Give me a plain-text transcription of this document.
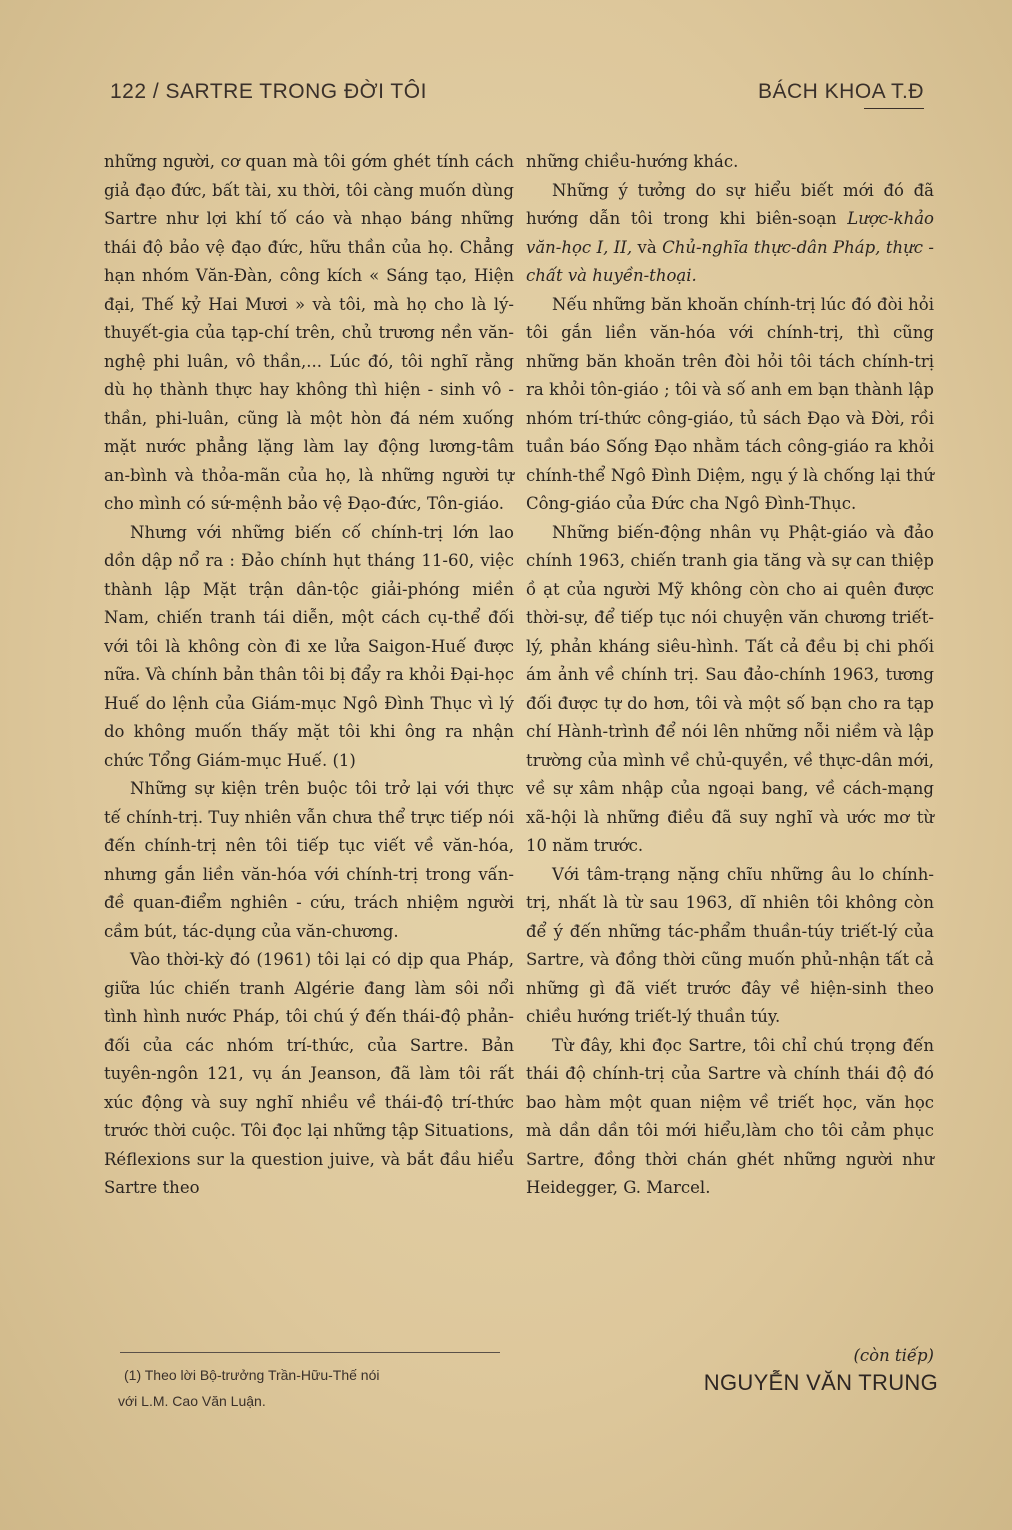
122 / SARTRE TRONG ĐỜI TÔI	BÁCH KHOA T.Đ

những người, cơ quan mà tôi gớm ghét tính cách giả đạo đức, bất tài, xu thời, tôi càng muốn dùng Sartre như lợi khí tố cáo và nhạo báng những thái độ bảo vệ đạo đức, hữu thần của họ. Chẳng hạn nhóm Văn-Đàn, công kích « Sáng tạo, Hiện đại, Thế kỷ Hai Mươi » và tôi, mà họ cho là lý-thuyết-gia của tạp-chí trên, chủ trương nền văn-nghệ phi luân, vô thần,... Lúc đó, tôi nghĩ rằng dù họ thành thực hay không thì hiện - sinh vô - thần, phi-luân, cũng là một hòn đá ném xuống mặt nước phẳng lặng làm lay động lương-tâm an-bình và thỏa-mãn của họ, là những người tự cho mình có sứ-mệnh bảo vệ Đạo-đức, Tôn-giáo.

Nhưng với những biến cố chính-trị lớn lao dồn dập nổ ra : Đảo chính hụt tháng 11-60, việc thành lập Mặt trận dân-tộc giải-phóng miền Nam, chiến tranh tái diễn, một cách cụ-thể đối với tôi là không còn đi xe lửa Saigon-Huế được nữa. Và chính bản thân tôi bị đẩy ra khỏi Đại-học Huế do lệnh của Giám-mục Ngô Đình Thục vì lý do không muốn thấy mặt tôi khi ông ra nhận chức Tổng Giám-mục Huế. (1)

Những sự kiện trên buộc tôi trở lại với thực tế chính-trị. Tuy nhiên vẫn chưa thể trực tiếp nói đến chính-trị nên tôi tiếp tục viết về văn-hóa, nhưng gắn liền văn-hóa với chính-trị trong vấn-đề quan-điểm nghiên - cứu, trách nhiệm người cầm bút, tác-dụng của văn-chương.

Vào thời-kỳ đó (1961) tôi lại có dịp qua Pháp, giữa lúc chiến tranh Algérie đang làm sôi nổi tình hình nước Pháp, tôi chú ý đến thái-độ phản-đối của các nhóm trí-thức, của Sartre. Bản tuyên-ngôn 121, vụ án Jeanson, đã làm tôi rất xúc động và suy nghĩ nhiều về thái-độ trí-thức trước thời cuộc. Tôi đọc lại những tập Situations, Réflexions sur la question juive, và bắt đầu hiểu Sartre theo

những chiều-hướng khác.

Những ý tưởng do sự hiểu biết mới đó đã hướng dẫn tôi trong khi biên-soạn Lược-khảo văn-học I, II, và Chủ-nghĩa thực-dân Pháp, thực - chất và huyền-thoại.

Nếu những băn khoăn chính-trị lúc đó đòi hỏi tôi gắn liền văn-hóa với chính-trị, thì cũng những băn khoăn trên đòi hỏi tôi tách chính-trị ra khỏi tôn-giáo ; tôi và số anh em bạn thành lập nhóm trí-thức công-giáo, tủ sách Đạo và Đời, rồi tuần báo Sống Đạo nhằm tách công-giáo ra khỏi chính-thể Ngô Đình Diệm, ngụ ý là chống lại thứ Công-giáo của Đức cha Ngô Đình-Thục.

Những biến-động nhân vụ Phật-giáo và đảo chính 1963, chiến tranh gia tăng và sự can thiệp ồ ạt của người Mỹ không còn cho ai quên được thời-sự, để tiếp tục nói chuyện văn chương triết-lý, phản kháng siêu-hình. Tất cả đều bị chi phối ám ảnh về chính trị. Sau đảo-chính 1963, tương đối được tự do hơn, tôi và một số bạn cho ra tạp chí Hành-trình để nói lên những nỗi niềm và lập trường của mình về chủ-quyền, về thực-dân mới, về sự xâm nhập của ngoại bang, về cách-mạng xã-hội là những điều đã suy nghĩ và ước mơ từ 10 năm trước.

Với tâm-trạng nặng chĩu những âu lo chính-trị, nhất là từ sau 1963, dĩ nhiên tôi không còn để ý đến những tác-phẩm thuần-túy triết-lý của Sartre, và đồng thời cũng muốn phủ-nhận tất cả những gì đã viết trước đây về hiện-sinh theo chiều hướng triết-lý thuần túy.

Từ đây, khi đọc Sartre, tôi chỉ chú trọng đến thái độ chính-trị của Sartre và chính thái độ đó bao hàm một quan niệm về triết học, văn học mà dần dần tôi mới hiểu,làm cho tôi cảm phục Sartre, đồng thời chán ghét những người như Heidegger, G. Marcel.

(1) Theo lời Bộ-trưởng Trần-Hữu-Thế nói

với L.M. Cao Văn Luận.

(còn tiếp)
NGUYỄN VĂN TRUNG
